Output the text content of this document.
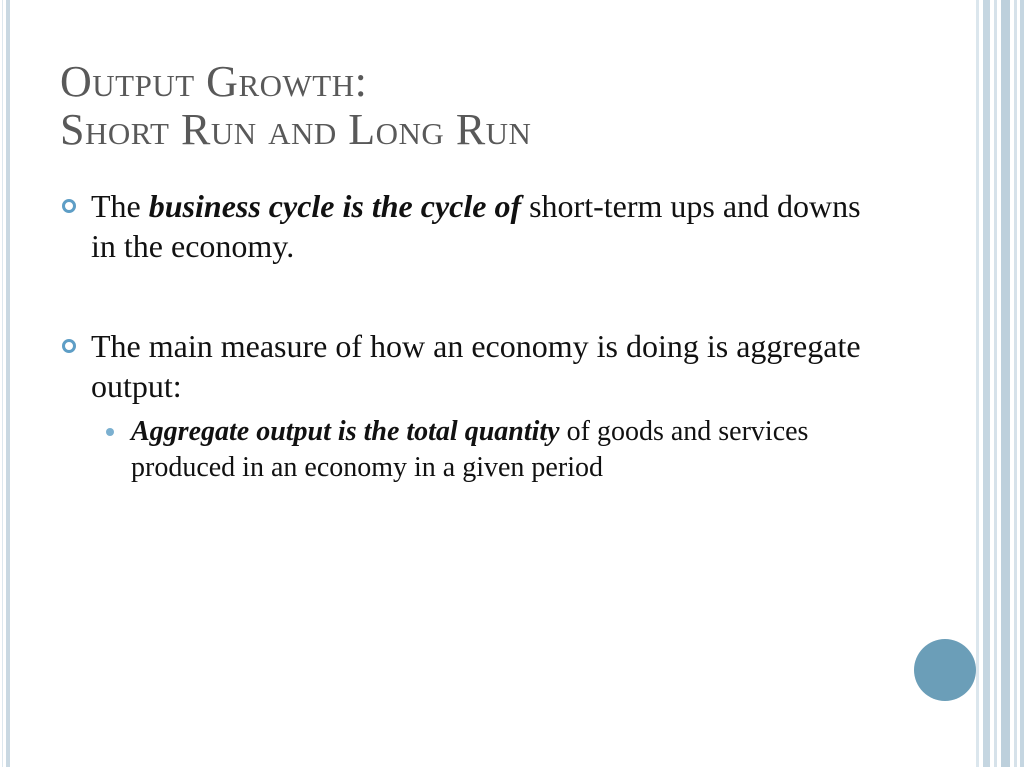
Output Growth:
Short Run and Long Run
The business cycle is the cycle of short-term ups and downs in the economy.
The main measure of how an economy is doing is aggregate output:
Aggregate output is the total quantity of goods and services produced in an economy in a given period
